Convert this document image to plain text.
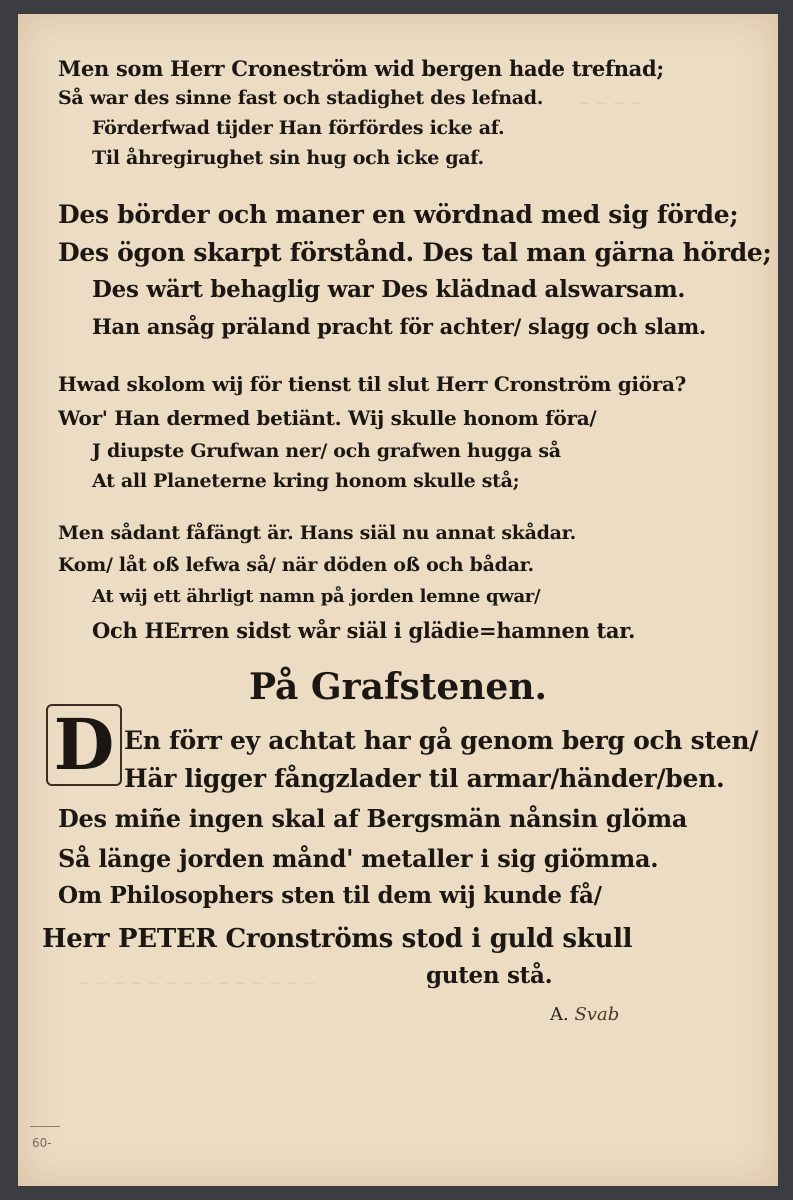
~ ~ ~ ~
~ ~ ~ ~ ~ ~ ~ ~ ~ ~ ~ ~ ~ ~
Men som Herr Croneström wid bergen hade trefnad;
Så war des sinne fast och stadighet des lefnad.
Förderfwad tijder Han förfördes icke af.
Til åhregirughet sin hug och icke gaf.
Des börder och maner en wördnad med sig förde;
Des ögon skarpt förstånd. Des tal man gärna hörde;
Des wärt behaglig war Des klädnad alswarsam.
Han ansåg präland pracht för achter/ slagg och slam.
Hwad skolom wij för tienst til slut Herr Cronström giöra?
Wor' Han dermed betiänt. Wij skulle honom föra/
J diupste Grufwan ner/ och grafwen hugga så
At all Planeterne kring honom skulle stå;
Men sådant fåfängt är. Hans siäl nu annat skådar.
Kom/ låt oß lefwa så/ när döden oß och bådar.
At wij ett ährligt namn på jorden lemne qwar/
Och HErren sidst wår siäl i glädie=hamnen tar.
På Grafstenen.
D En förr ey achtat har gå genom berg och sten/
Här ligger fångzlader til armar/händer/ben.
Des miñe ingen skal af Bergsmän nånsin glöma
Så länge jorden månd' metaller i sig giömma.
Om Philosophers sten til dem wij kunde få/
Herr PETER Cronströms stod i guld skull
guten stå.
A. Svab
60-
